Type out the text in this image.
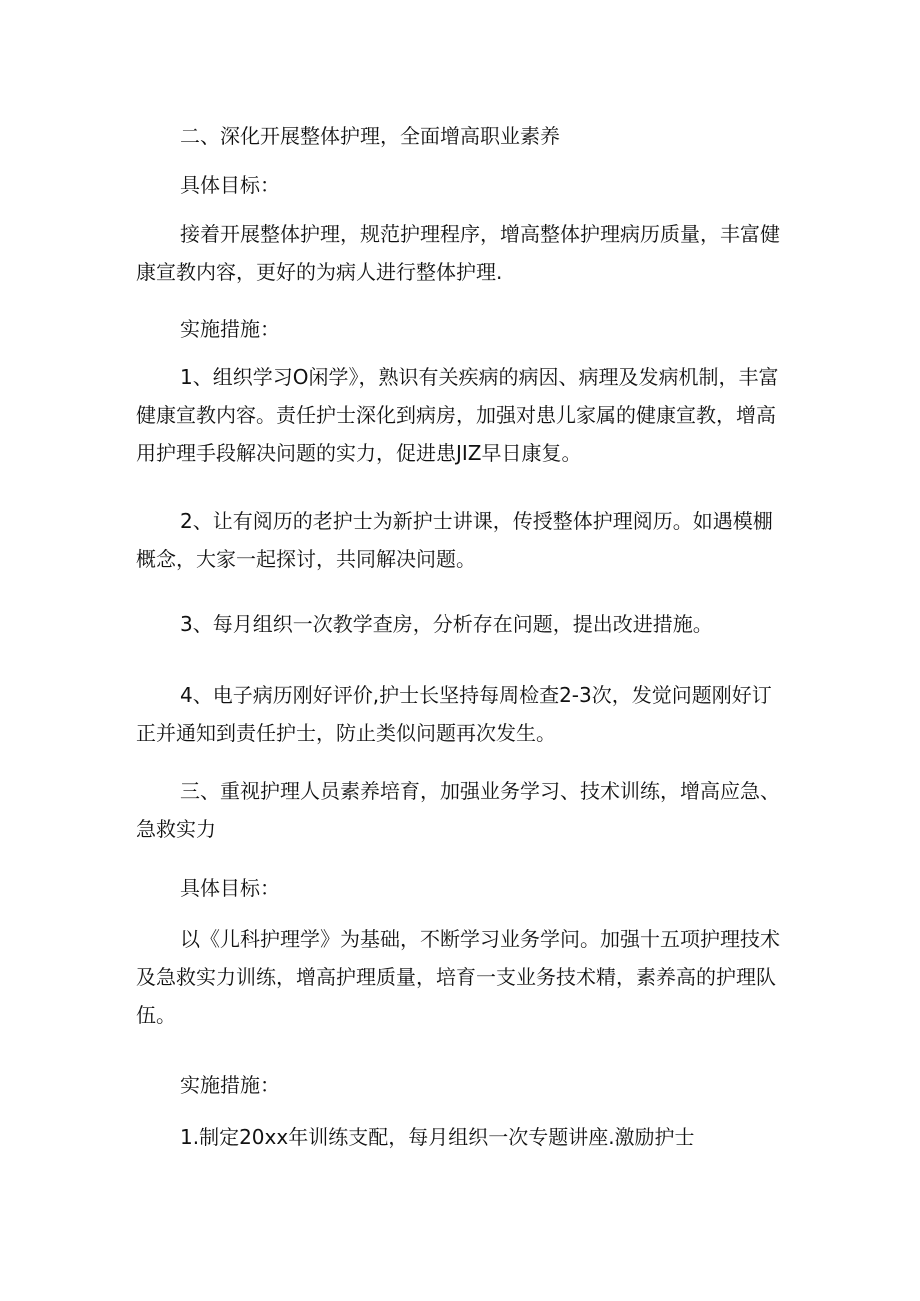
二、深化开展整体护理，全面增高职业素养

具体目标：

接着开展整体护理，规范护理程序，增高整体护理病历质量，丰富健康宣教内容，更好的为病人进行整体护理.

实施措施：

1、组织学习O闲学》，熟识有关疾病的病因、病理及发病机制，丰富健康宣教内容。责任护士深化到病房，加强对患儿家属的健康宣教，增高用护理手段解决问题的实力，促进患JIZ早日康复。

2、让有阅历的老护士为新护士讲课，传授整体护理阅历。如遇模棚概念，大家一起探讨，共同解决问题。

3、每月组织一次教学查房，分析存在问题，提出改进措施。

4、电子病历刚好评价,护士长坚持每周检查2-3次，发觉问题刚好订正并通知到责任护士，防止类似问题再次发生。

三、重视护理人员素养培育，加强业务学习、技术训练，增高应急、急救实力

具体目标：

以《儿科护理学》为基础，不断学习业务学问。加强十五项护理技术及急救实力训练，增高护理质量，培育一支业务技术精，素养高的护理队伍。

实施措施：

1.制定20xx年训练支配，每月组织一次专题讲座.激励护士
